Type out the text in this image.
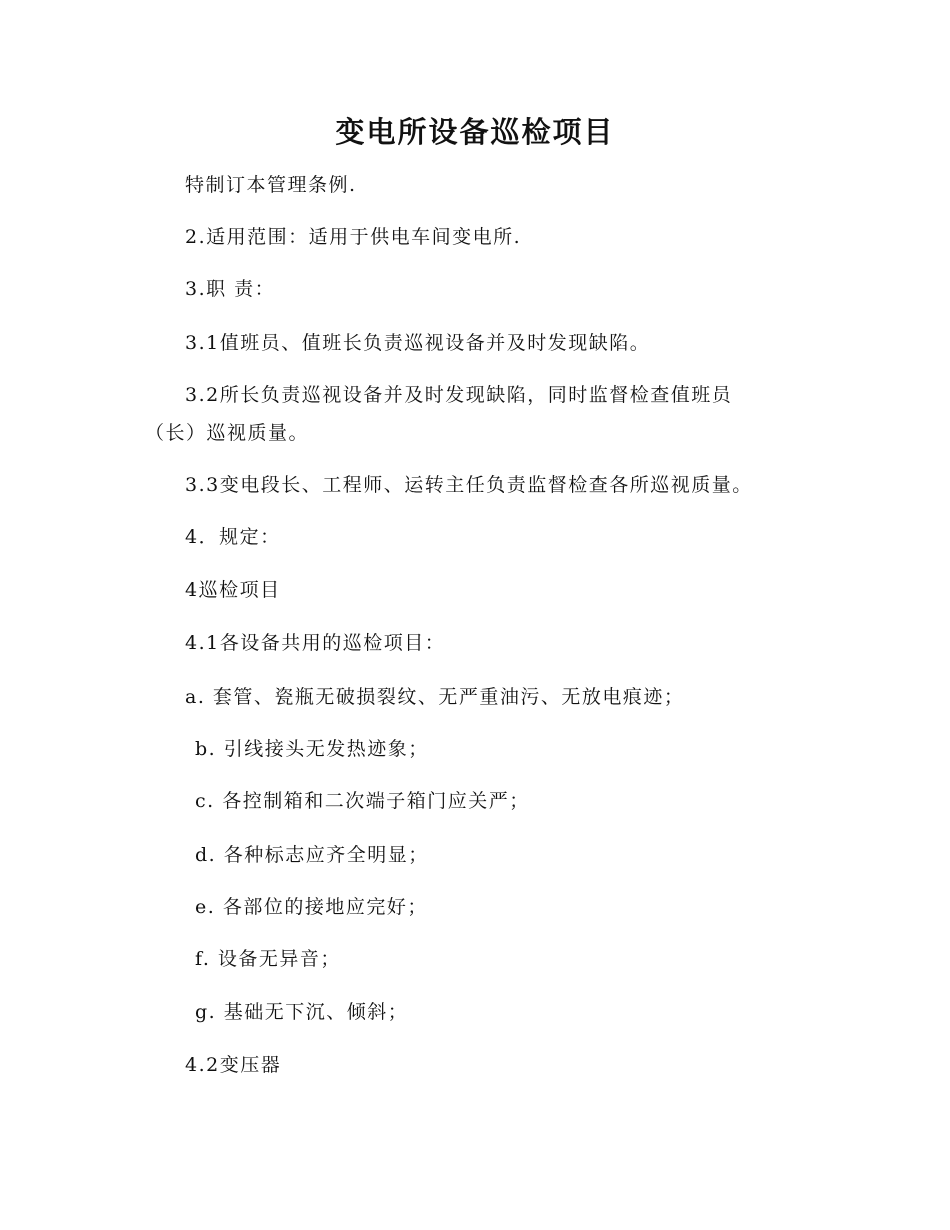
变电所设备巡检项目
特制订本管理条例.
2.适用范围：适用于供电车间变电所.
3.职 责：
3.1值班员、值班长负责巡视设备并及时发现缺陷。
3.2所长负责巡视设备并及时发现缺陷，同时监督检查值班员
（长）巡视质量。
3.3变电段长、工程师、运转主任负责监督检查各所巡视质量。
4．规定：
4巡检项目
4.1各设备共用的巡检项目：
a. 套管、瓷瓶无破损裂纹、无严重油污、无放电痕迹；
b. 引线接头无发热迹象；
c. 各控制箱和二次端子箱门应关严；
d. 各种标志应齐全明显；
e. 各部位的接地应完好；
f. 设备无异音；
g. 基础无下沉、倾斜；
4.2变压器
